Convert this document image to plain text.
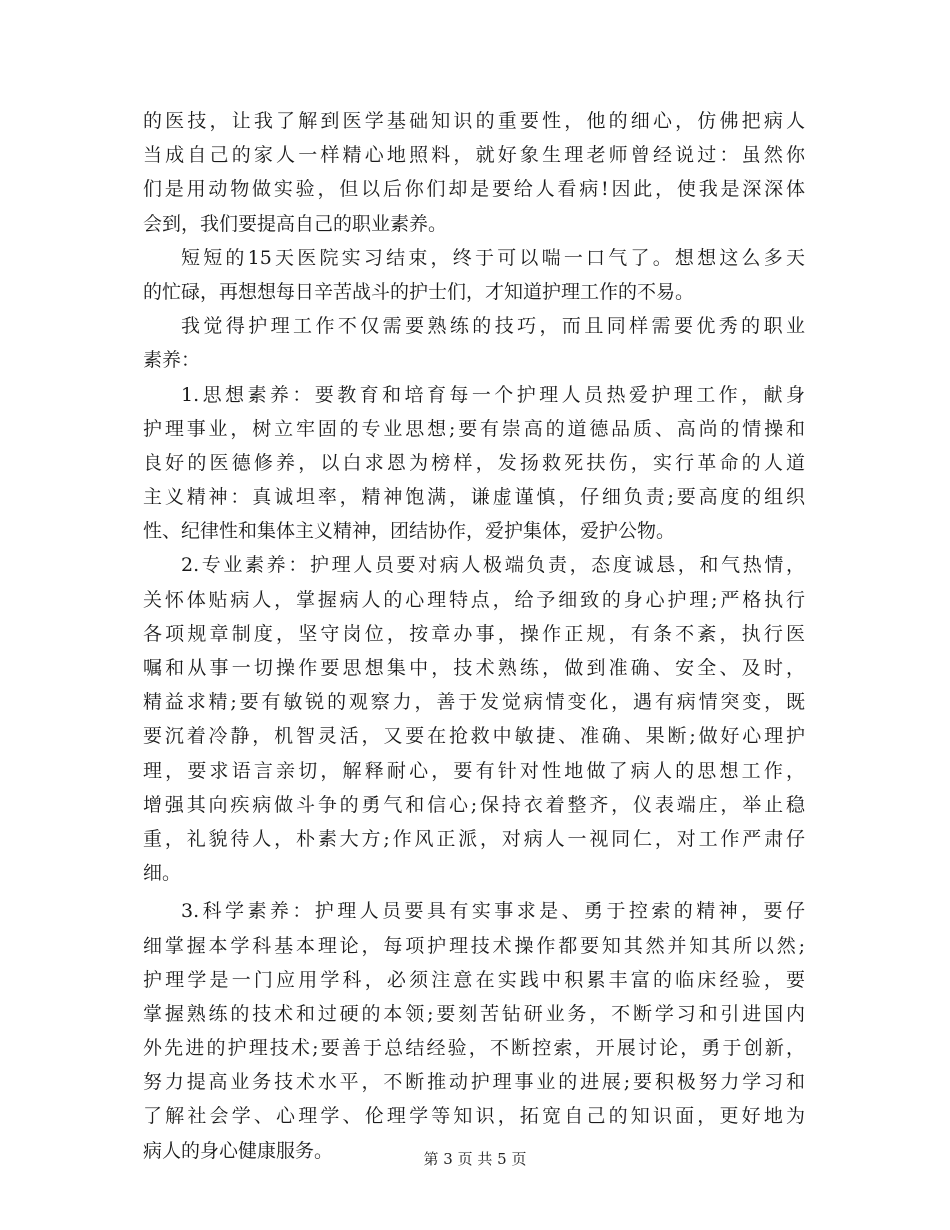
的医技，让我了解到医学基础知识的重要性，他的细心，仿佛把病人
当成自己的家人一样精心地照料，就好象生理老师曾经说过：虽然你
们是用动物做实验，但以后你们却是要给人看病!因此，使我是深深体
会到，我们要提高自己的职业素养。
短短的15天医院实习结束，终于可以喘一口气了。想想这么多天
的忙碌，再想想每日辛苦战斗的护士们，才知道护理工作的不易。
我觉得护理工作不仅需要熟练的技巧，而且同样需要优秀的职业
素养：
1.思想素养：要教育和培育每一个护理人员热爱护理工作，献身
护理事业，树立牢固的专业思想;要有崇高的道德品质、高尚的情操和
良好的医德修养，以白求恩为榜样，发扬救死扶伤，实行革命的人道
主义精神：真诚坦率，精神饱满，谦虚谨慎，仔细负责;要高度的组织
性、纪律性和集体主义精神，团结协作，爱护集体，爱护公物。
2.专业素养：护理人员要对病人极端负责，态度诚恳，和气热情，
关怀体贴病人，掌握病人的心理特点，给予细致的身心护理;严格执行
各项规章制度，坚守岗位，按章办事，操作正规，有条不紊，执行医
嘱和从事一切操作要思想集中，技术熟练，做到准确、安全、及时，
精益求精;要有敏锐的观察力，善于发觉病情变化，遇有病情突变，既
要沉着冷静，机智灵活，又要在抢救中敏捷、准确、果断;做好心理护
理，要求语言亲切，解释耐心，要有针对性地做了病人的思想工作，
增强其向疾病做斗争的勇气和信心;保持衣着整齐，仪表端庄，举止稳
重，礼貌待人，朴素大方;作风正派，对病人一视同仁，对工作严肃仔
细。
3.科学素养：护理人员要具有实事求是、勇于控索的精神，要仔
细掌握本学科基本理论，每项护理技术操作都要知其然并知其所以然;
护理学是一门应用学科，必须注意在实践中积累丰富的临床经验，要
掌握熟练的技术和过硬的本领;要刻苦钻研业务，不断学习和引进国内
外先进的护理技术;要善于总结经验，不断控索，开展讨论，勇于创新，
努力提高业务技术水平，不断推动护理事业的进展;要积极努力学习和
了解社会学、心理学、伦理学等知识，拓宽自己的知识面，更好地为
病人的身心健康服务。	第 3 页 共 5 页
